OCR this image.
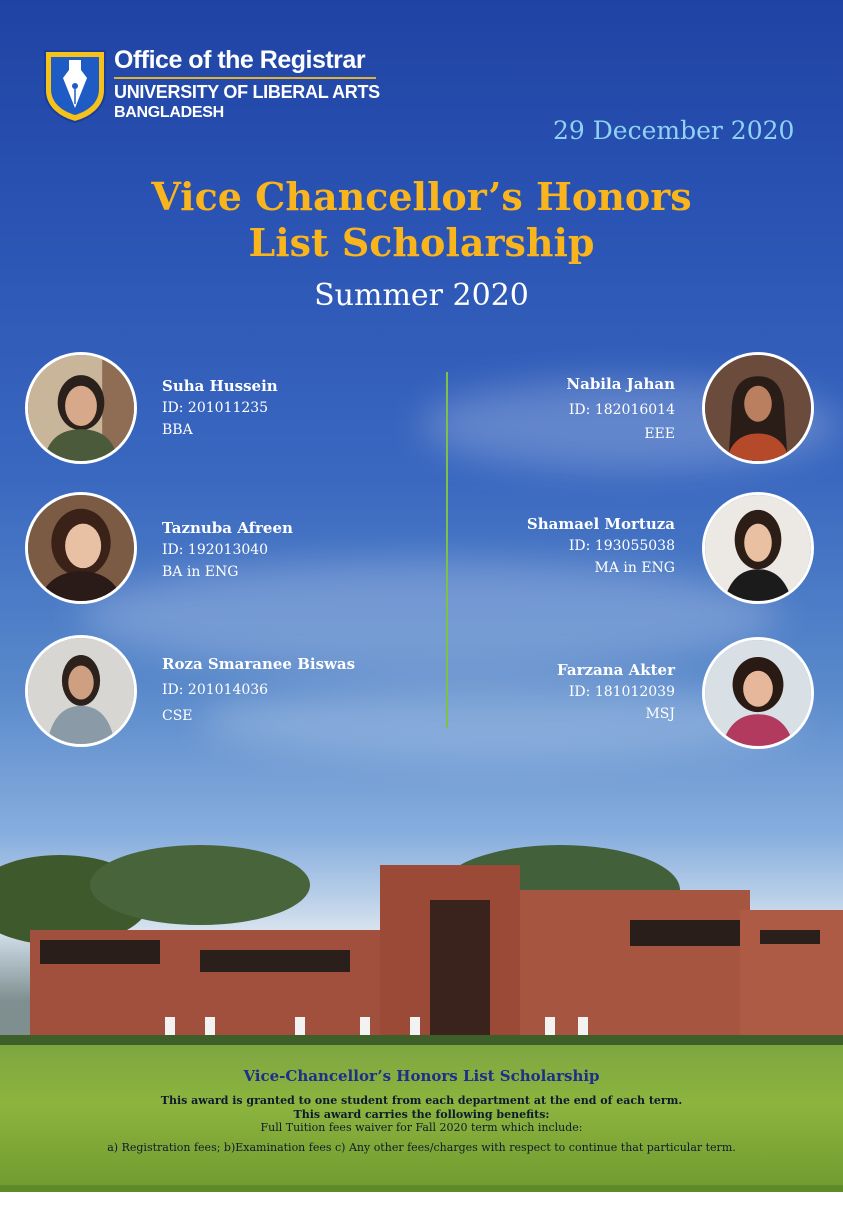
Office of the Registrar
UNIVERSITY OF LIBERAL ARTS
BANGLADESH
29 December 2020
Vice Chancellor’s Honors
List Scholarship
Summer 2020
Suha Hussein
ID: 201011235
BBA
Taznuba Afreen
ID: 192013040
BA in ENG
Roza Smaranee Biswas
ID: 201014036
CSE
Nabila Jahan
ID: 182016014
EEE
Shamael Mortuza
ID: 193055038
MA in ENG
Farzana Akter
ID: 181012039
MSJ
Vice-Chancellor’s Honors List Scholarship
This award is granted to one student from each department at the end of each term.
This award carries the following benefits:
Full Tuition fees waiver for Fall 2020 term which include:
a) Registration fees; b)Examination fees c) Any other fees/charges with respect to continue that particular term.
